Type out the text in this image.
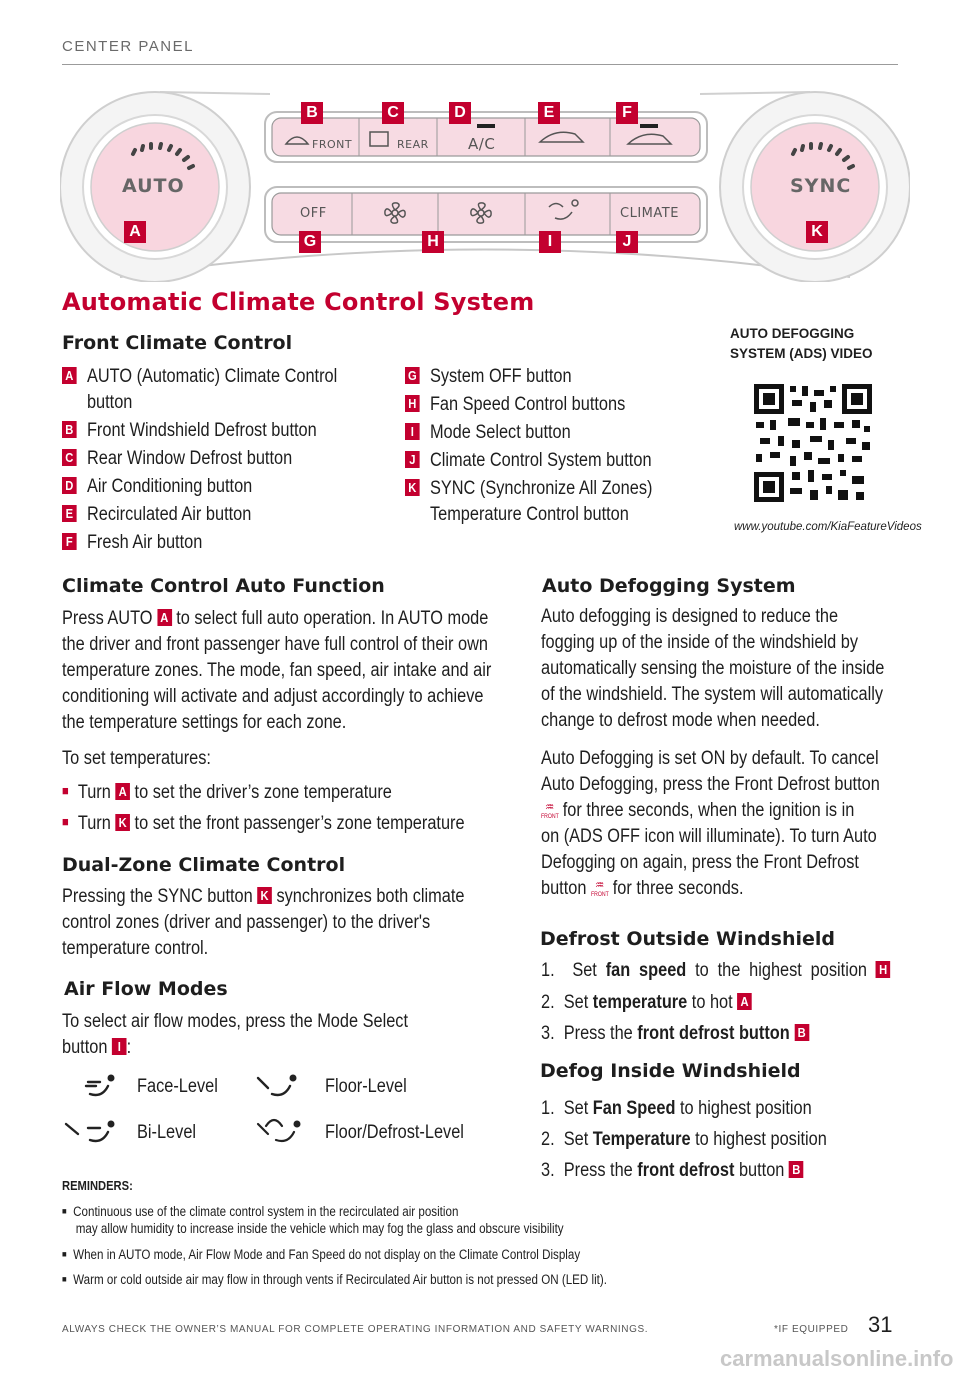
CENTER PANEL
AUTO	SYNC
FRONT	REAR	A/C
OFF	CLIMATE
A
B	C	D	E	F
G	H	I	J
K
Automatic Climate Control System
Front Climate Control
A AUTO (Automatic) Climate Control
button
B Front Windshield Defrost button
C Rear Window Defrost button
D Air Conditioning button
E Recirculated Air button
F Fresh Air button
G System OFF button
H Fan Speed Control buttons
I Mode Select button
J Climate Control System button
K SYNC (Synchronize All Zones)
Temperature Control button
AUTO DEFOGGING
SYSTEM (ADS) VIDEO
www.youtube.com/KiaFeatureVideos
Climate Control Auto Function
Press AUTO A to select full auto operation. In AUTO mode
the driver and front passenger have full control of their own
temperature zones. The mode, fan speed, air intake and air
conditioning will activate and adjust accordingly to achieve
the temperature settings for each zone.
To set temperatures:
■ Turn A to set the driver’s zone temperature
■ Turn K to set the front passenger’s zone temperature
Dual-Zone Climate Control
Pressing the SYNC button K synchronizes both climate
control zones (driver and passenger) to the driver's
temperature control.
Air Flow Modes
To select air flow modes, press the Mode Select
button I :
Face-Level	Floor-Level
Bi-Level	Floor/Defrost-Level
Auto Defogging System
Auto defogging is designed to reduce the
fogging up of the inside of the windshield by
automatically sensing the moisture of the inside
of the windshield. The system will automatically
change to defrost mode when needed.
Auto Defogging is set ON by default. To cancel
Auto Defogging, press the Front Defrost button
♒
FRONT for three seconds, when the ignition is in
on (ADS OFF icon will illuminate). To turn Auto
Defogging on again, press the Front Defrost
button ♒
FRONT for three seconds.
Defrost Outside Windshield
1. Set fan speed to the highest position H
2. Set temperature to hot A
3. Press the front defrost button B
Defog Inside Windshield
1. Set Fan Speed to highest position
2. Set Temperature to highest position
3. Press the front defrost button B
REMINDERS:
■ Continuous use of the climate control system in the recirculated air position
may allow humidity to increase inside the vehicle which may fog the glass and obscure visibility
■ When in AUTO mode, Air Flow Mode and Fan Speed do not display on the Climate Control Display
■ Warm or cold outside air may flow in through vents if Recirculated Air button is not pressed ON (LED lit).
ALWAYS CHECK THE OWNER’S MANUAL FOR COMPLETE OPERATING INFORMATION AND SAFETY WARNINGS.	*IF EQUIPPED 31
carmanualsonline.info
